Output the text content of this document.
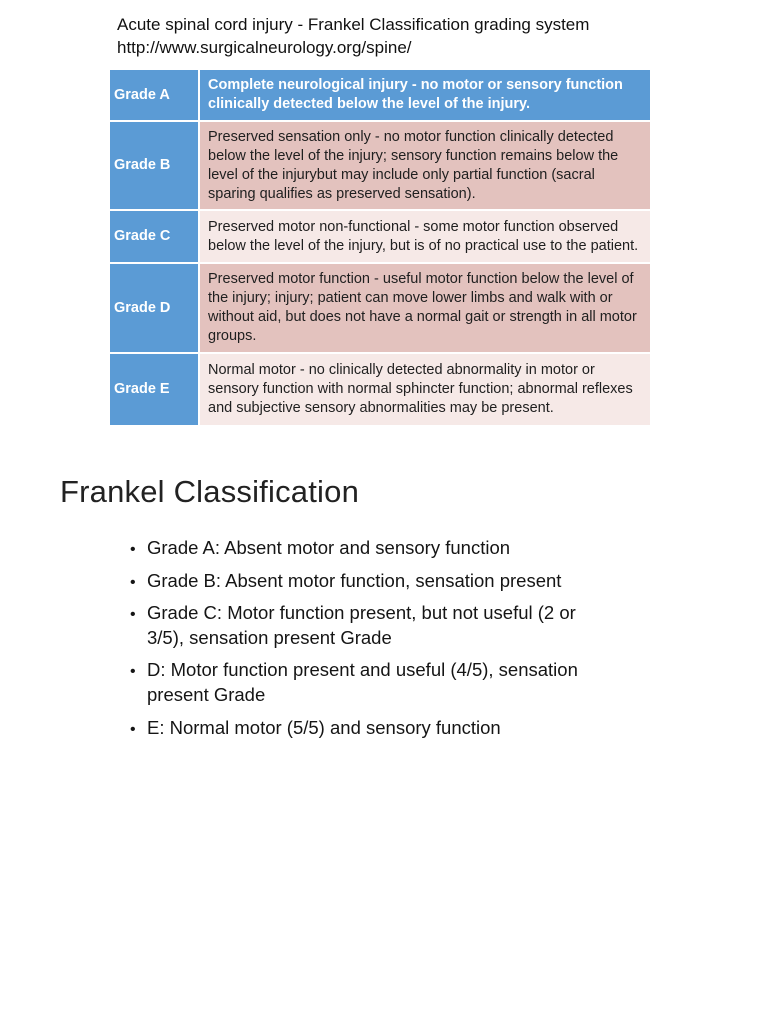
Acute spinal cord injury - Frankel Classification grading system
http://www.surgicalneurology.org/spine/
Grade A
Complete neurological injury - no motor or sensory function clinically detected below the level of the injury.
Grade B
Preserved sensation only - no motor function clinically detected below the level of the injury; sensory function remains below the level of the injurybut may include only partial function (sacral sparing qualifies as preserved sensation).
Grade C
Preserved motor non-functional - some motor function observed below the level of the injury, but is of no practical use to the patient.
Grade D
Preserved motor function - useful motor function below the level of the injury; injury; patient can move lower limbs and walk with or without aid, but does not have a normal gait or strength in all motor groups.
Grade E
Normal motor - no clinically detected abnormality in motor or sensory function with normal sphincter function; abnormal reflexes and subjective sensory abnormalities may be present.
Frankel Classification
•
Grade A: Absent motor and sensory function
•
Grade B: Absent motor function, sensation present
•
Grade C: Motor function present, but not useful (2 or 3/5), sensation present Grade
•
D: Motor function present and useful (4/5), sensation present Grade
•
E: Normal motor (5/5) and sensory function
